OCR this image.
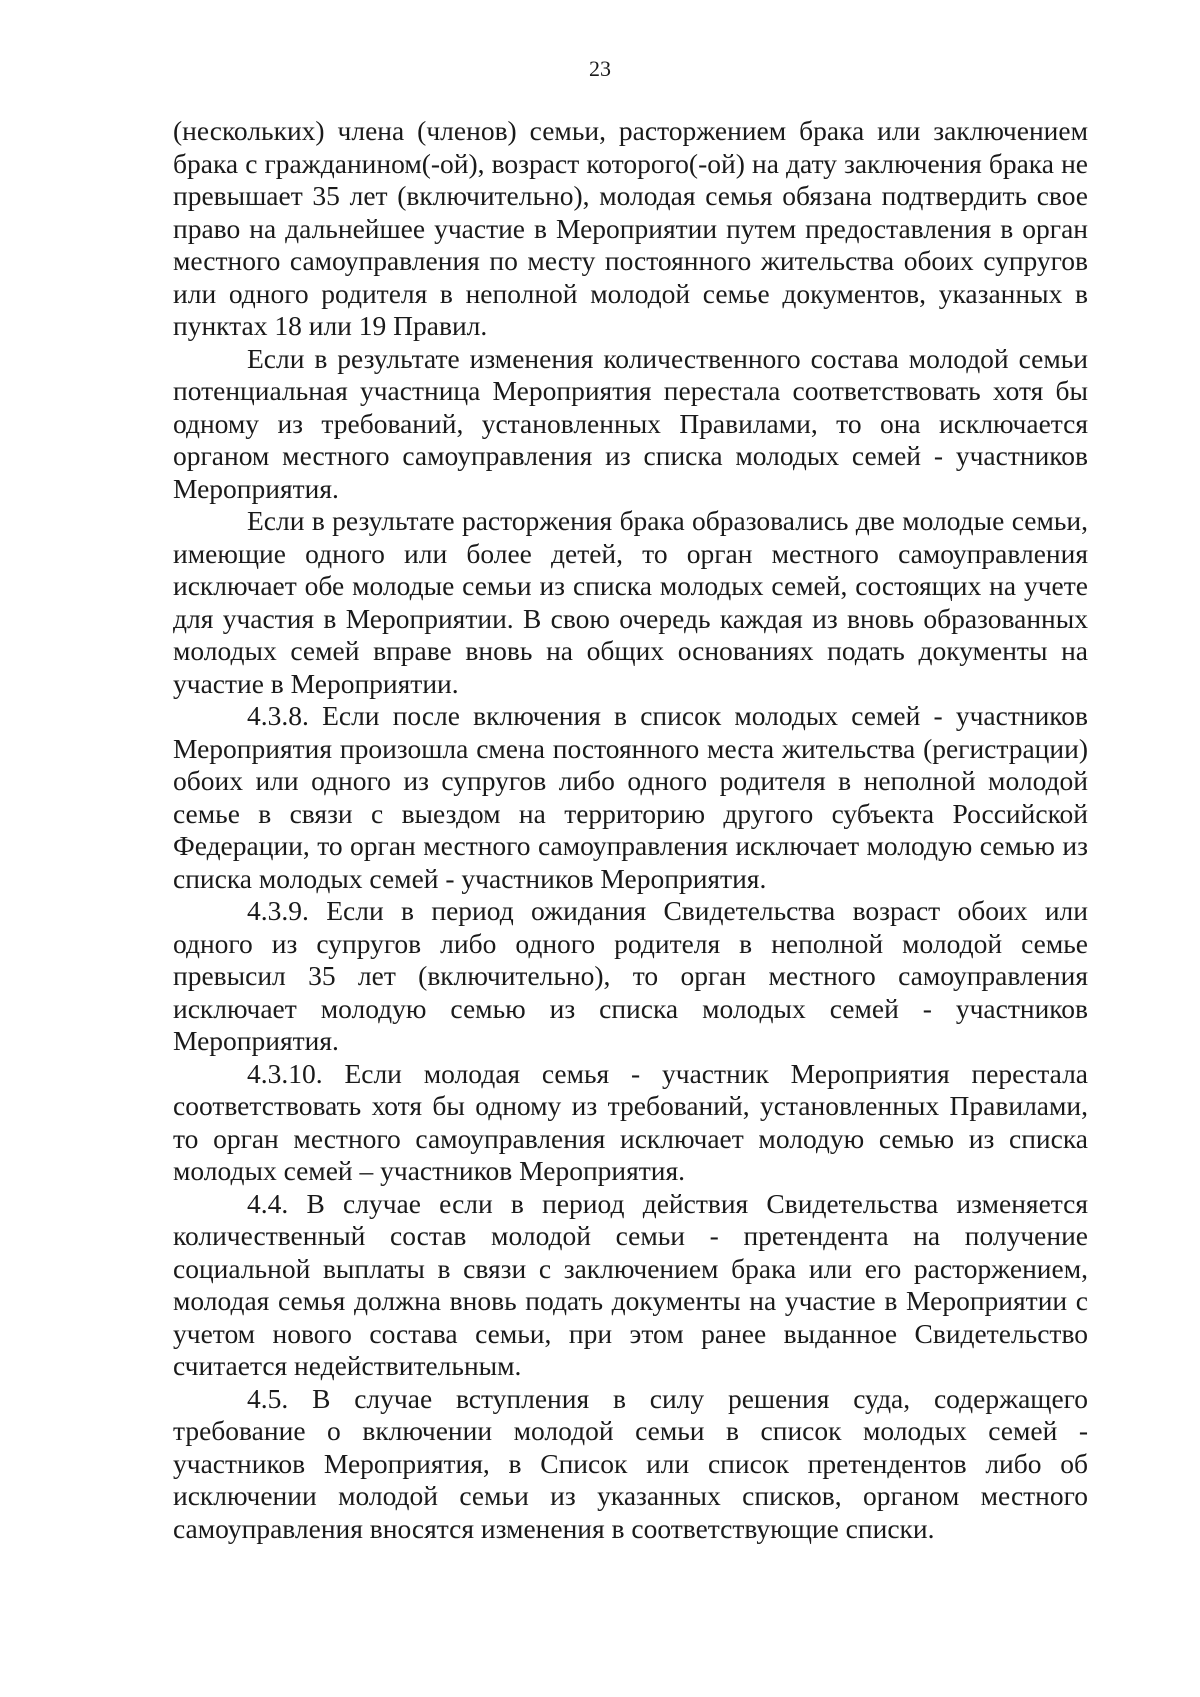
23

(нескольких) члена (членов) семьи, расторжением брака или заключением брака с гражданином(-ой), возраст которого(-ой) на дату заключения брака не превышает 35 лет (включительно), молодая семья обязана подтвердить свое право на дальнейшее участие в Мероприятии путем предоставления в орган местного самоуправления по месту постоянного жительства обоих супругов или одного родителя в неполной молодой семье документов, указанных в пунктах 18 или 19 Правил.

Если в результате изменения количественного состава молодой семьи потенциальная участница Мероприятия перестала соответствовать хотя бы одному из требований, установленных Правилами, то она исключается органом местного самоуправления из списка молодых семей - участников Мероприятия.

Если в результате расторжения брака образовались две молодые семьи, имеющие одного или более детей, то орган местного самоуправления исключает обе молодые семьи из списка молодых семей, состоящих на учете для участия в Мероприятии. В свою очередь каждая из вновь образованных молодых семей вправе вновь на общих основаниях подать документы на участие в Мероприятии.

4.3.8. Если после включения в список молодых семей - участников Мероприятия произошла смена постоянного места жительства (регистрации) обоих или одного из супругов либо одного родителя в неполной молодой семье в связи с выездом на территорию другого субъекта Российской Федерации, то орган местного самоуправления исключает молодую семью из списка молодых семей - участников Мероприятия.

4.3.9. Если в период ожидания Свидетельства возраст обоих или одного из супругов либо одного родителя в неполной молодой семье превысил 35 лет (включительно), то орган местного самоуправления исключает молодую семью из списка молодых семей - участников Мероприятия.

4.3.10. Если молодая семья - участник Мероприятия перестала соответствовать хотя бы одному из требований, установленных Правилами, то орган местного самоуправления исключает молодую семью из списка молодых семей – участников Мероприятия.

4.4. В случае если в период действия Свидетельства изменяется количественный состав молодой семьи - претендента на получение социальной выплаты в связи с заключением брака или его расторжением, молодая семья должна вновь подать документы на участие в Мероприятии с учетом нового состава семьи, при этом ранее выданное Свидетельство считается недействительным.

4.5. В случае вступления в силу решения суда, содержащего требование о включении молодой семьи в список молодых семей - участников Мероприятия, в Список или список претендентов либо об исключении молодой семьи из указанных списков, органом местного самоуправления вносятся изменения в соответствующие списки.
